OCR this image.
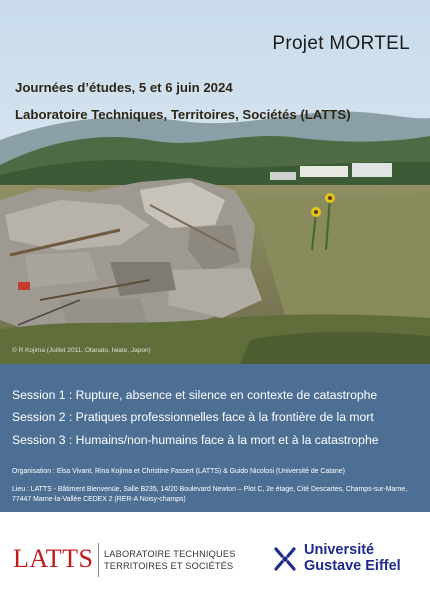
Projet MORTEL
Journées d’études, 5 et 6 juin 2024
Laboratoire Techniques, Territoires, Sociétés (LATTS)
© R Kojima (Juillet 2011, Otanato, Iwate, Japon)
Session 1 : Rupture, absence et silence en contexte de catastrophe
Session 2 : Pratiques professionnelles face à la frontière de la mort
Session 3 : Humains/non-humains face à la mort et à la catastrophe
Organisation : Elsa Vivant, Rina Kojima et Christine Fassert (LATTS) & Guido Nicolosi (Université de Catane)
Lieu : LATTS - Bâtiment Bienvenüe, Salle B235, 14/20 Boulevard Newton – Plot C, 2e étage, Cité Descartes, Champs-sur-Marne, 77447 Marne-la-Vallée CEDEX 2 (RER-A Noisy-champs)
LATTS LABORATOIRE TECHNIQUES
TERRITOIRES ET SOCIÉTÉS
Université
Gustave Eiffel
